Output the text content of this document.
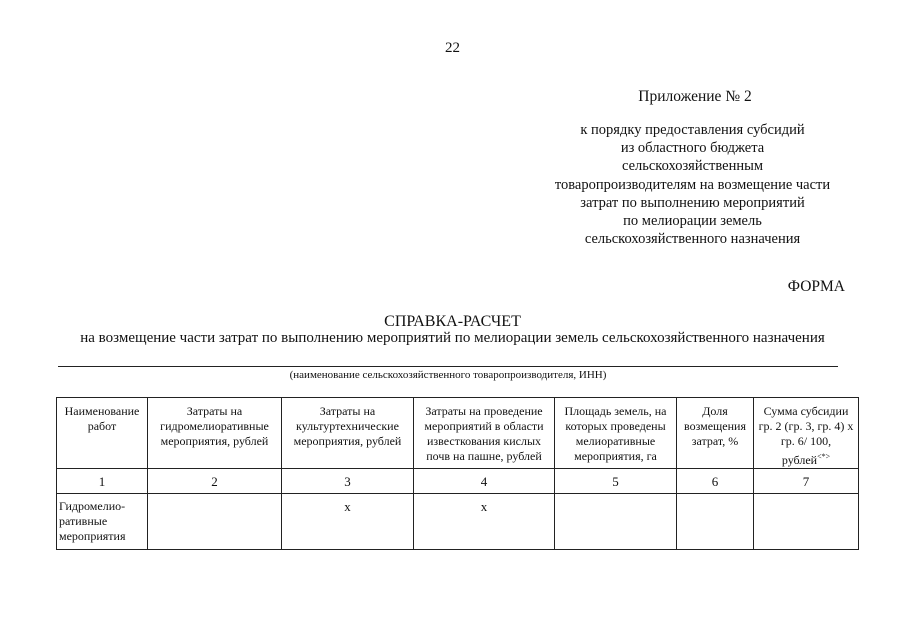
22
Приложение № 2
к порядку предоставления субсидий
из областного бюджета
сельскохозяйственным
товаропроизводителям на возмещение части
затрат по выполнению мероприятий
по мелиорации земель
сельскохозяйственного назначения
ФОРМА
СПРАВКА-РАСЧЕТ
на возмещение части затрат по выполнению мероприятий по мелиорации земель сельскохозяйственного назначения
(наименование сельскохозяйственного товаропроизводителя, ИНН)
Наименование работ	Затраты на гидромелиоративные мероприятия, рублей	Затраты на культуртехнические мероприятия, рублей	Затраты на проведение мероприятий в области известкования кислых почв на пашне, рублей	Площадь земель, на которых проведены мелиоративные мероприятия, га	Доля возмещения затрат, %	Сумма субсидии гр. 2 (гр. 3, гр. 4) x гр. 6/ 100, рублей<*>
1	2	3	4	5	6	7
Гидромелио-ративные мероприятия		х	х			
